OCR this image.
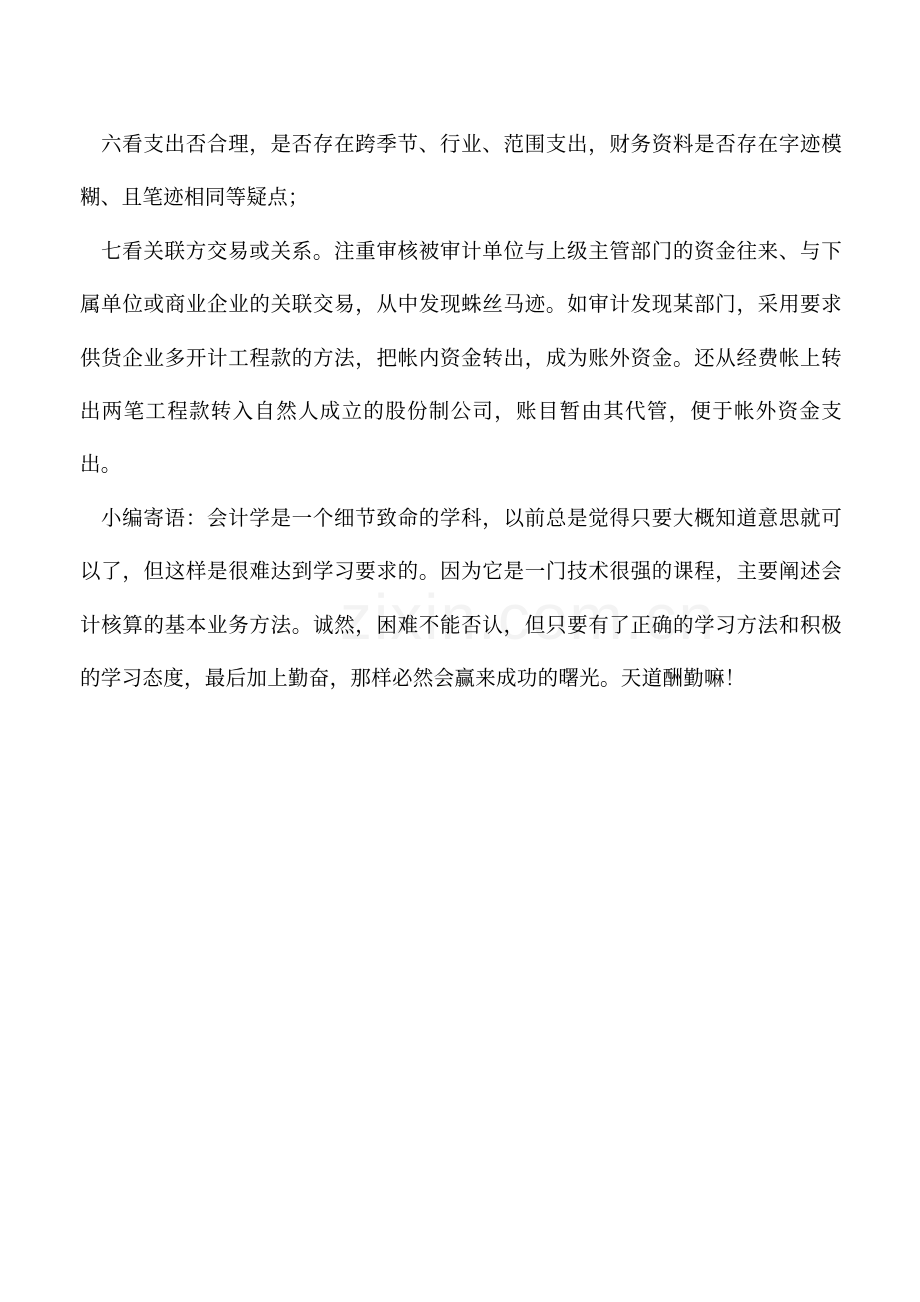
六看支出否合理，是否存在跨季节、行业、范围支出，财务资料是否存在字迹模糊、且笔迹相同等疑点；

七看关联方交易或关系。注重审核被审计单位与上级主管部门的资金往来、与下属单位或商业企业的关联交易，从中发现蛛丝马迹。如审计发现某部门，采用要求供货企业多开计工程款的方法，把帐内资金转出，成为账外资金。还从经费帐上转出两笔工程款转入自然人成立的股份制公司，账目暂由其代管，便于帐外资金支出。

小编寄语：会计学是一个细节致命的学科，以前总是觉得只要大概知道意思就可以了，但这样是很难达到学习要求的。因为它是一门技术很强的课程，主要阐述会计核算的基本业务方法。诚然，困难不能否认，但只要有了正确的学习方法和积极的学习态度，最后加上勤奋，那样必然会赢来成功的曙光。天道酬勤嘛！
